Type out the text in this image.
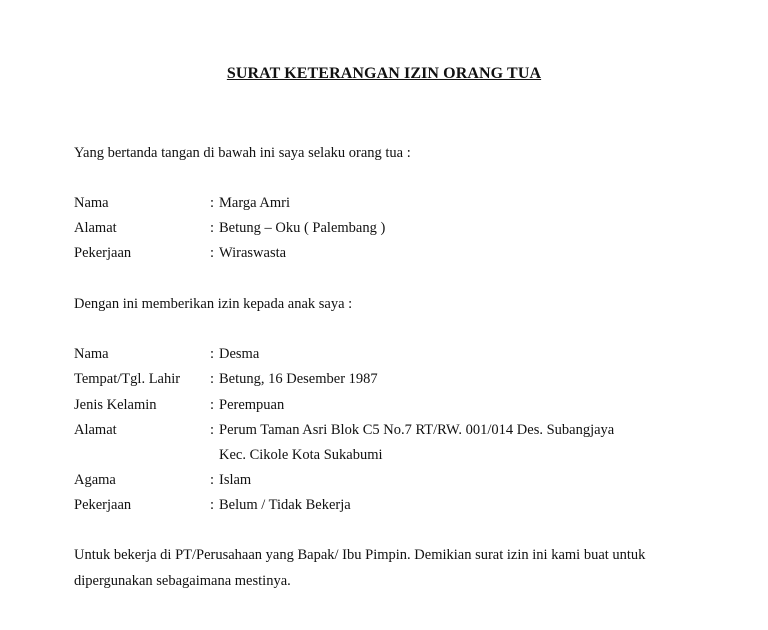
SURAT KETERANGAN IZIN ORANG TUA
Yang bertanda tangan di bawah ini saya selaku orang tua :
Nama	: Marga Amri
Alamat	: Betung – Oku ( Palembang )
Pekerjaan	: Wiraswasta
Dengan ini memberikan izin kepada anak saya :
Nama	: Desma
Tempat/Tgl. Lahir : Betung, 16 Desember 1987
Jenis Kelamin	: Perempuan
Alamat	: Perum Taman Asri Blok C5 No.7 RT/RW. 001/014 Des. Subangjaya
Kec. Cikole Kota Sukabumi
Agama	: Islam
Pekerjaan	: Belum / Tidak Bekerja
Untuk bekerja di PT/Perusahaan yang Bapak/ Ibu Pimpin. Demikian surat izin ini kami buat untuk
dipergunakan sebagaimana mestinya.
